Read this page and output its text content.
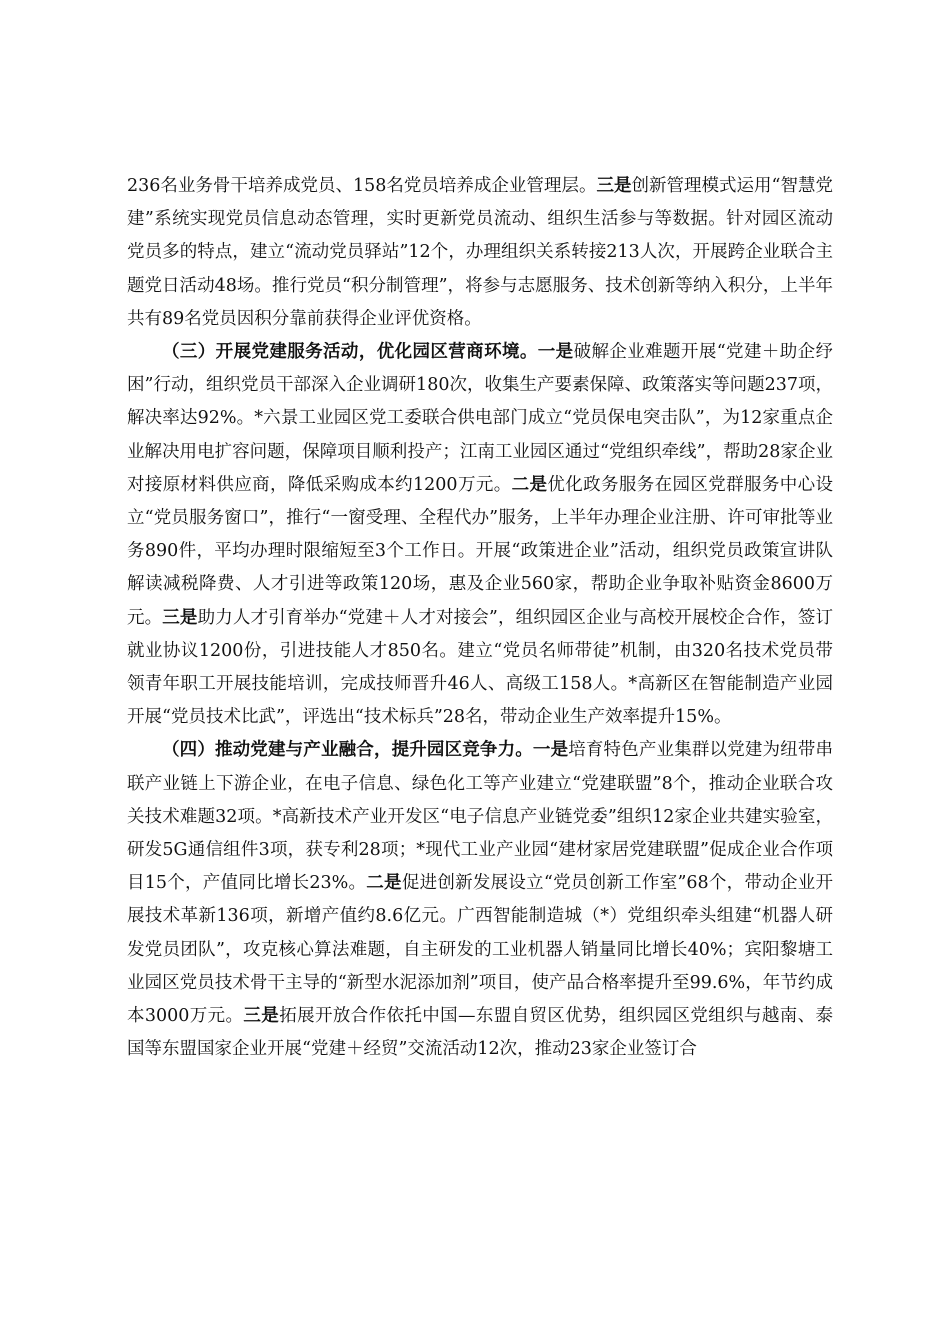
236名业务骨干培养成党员、158名党员培养成企业管理层。三是创新管理模式运用“智慧党建”系统实现党员信息动态管理，实时更新党员流动、组织生活参与等数据。针对园区流动党员多的特点，建立“流动党员驿站”12个，办理组织关系转接213人次，开展跨企业联合主题党日活动48场。推行党员“积分制管理”，将参与志愿服务、技术创新等纳入积分，上半年共有89名党员因积分靠前获得企业评优资格。

（三）开展党建服务活动，优化园区营商环境。一是破解企业难题开展“党建＋助企纾困”行动，组织党员干部深入企业调研180次，收集生产要素保障、政策落实等问题237项，解决率达92%。*六景工业园区党工委联合供电部门成立“党员保电突击队”，为12家重点企业解决用电扩容问题，保障项目顺利投产；江南工业园区通过“党组织牵线”，帮助28家企业对接原材料供应商，降低采购成本约1200万元。二是优化政务服务在园区党群服务中心设立“党员服务窗口”，推行“一窗受理、全程代办”服务，上半年办理企业注册、许可审批等业务890件，平均办理时限缩短至3个工作日。开展“政策进企业”活动，组织党员政策宣讲队解读减税降费、人才引进等政策120场，惠及企业560家，帮助企业争取补贴资金8600万元。三是助力人才引育举办“党建＋人才对接会”，组织园区企业与高校开展校企合作，签订就业协议1200份，引进技能人才850名。建立“党员名师带徒”机制，由320名技术党员带领青年职工开展技能培训，完成技师晋升46人、高级工158人。*高新区在智能制造产业园开展“党员技术比武”，评选出“技术标兵”28名，带动企业生产效率提升15%。

（四）推动党建与产业融合，提升园区竞争力。一是培育特色产业集群以党建为纽带串联产业链上下游企业，在电子信息、绿色化工等产业建立“党建联盟”8个，推动企业联合攻关技术难题32项。*高新技术产业开发区“电子信息产业链党委”组织12家企业共建实验室，研发5G通信组件3项，获专利28项；*现代工业产业园“建材家居党建联盟”促成企业合作项目15个，产值同比增长23%。二是促进创新发展设立“党员创新工作室”68个，带动企业开展技术革新136项，新增产值约8.6亿元。广西智能制造城（*）党组织牵头组建“机器人研发党员团队”，攻克核心算法难题，自主研发的工业机器人销量同比增长40%；宾阳黎塘工业园区党员技术骨干主导的“新型水泥添加剂”项目，使产品合格率提升至99.6%，年节约成本3000万元。三是拓展开放合作依托中国—东盟自贸区优势，组织园区党组织与越南、泰国等东盟国家企业开展“党建＋经贸”交流活动12次，推动23家企业签订合
